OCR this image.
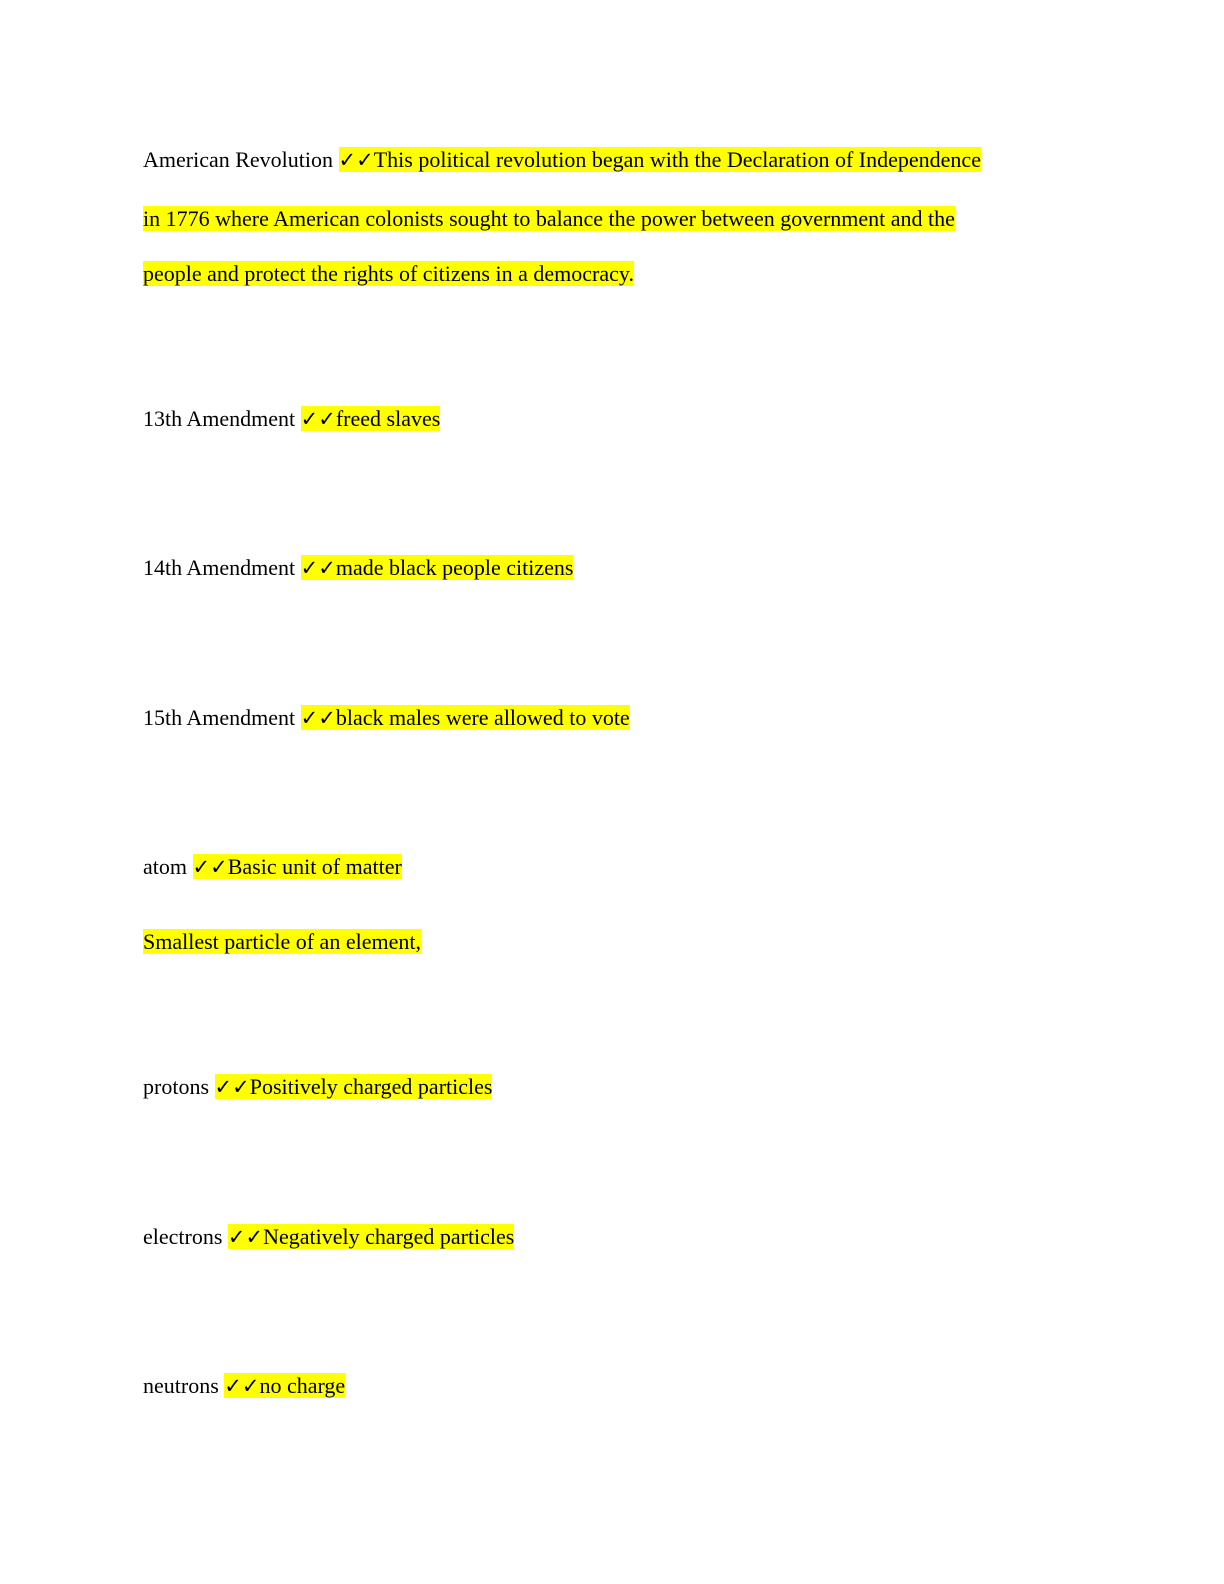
American Revolution ✓✓This political revolution began with the Declaration of Independence
in 1776 where American colonists sought to balance the power between government and the
people and protect the rights of citizens in a democracy.
13th Amendment ✓✓freed slaves
14th Amendment ✓✓made black people citizens
15th Amendment ✓✓black males were allowed to vote
atom ✓✓Basic unit of matter
Smallest particle of an element,
protons ✓✓Positively charged particles
electrons ✓✓Negatively charged particles
neutrons ✓✓no charge
